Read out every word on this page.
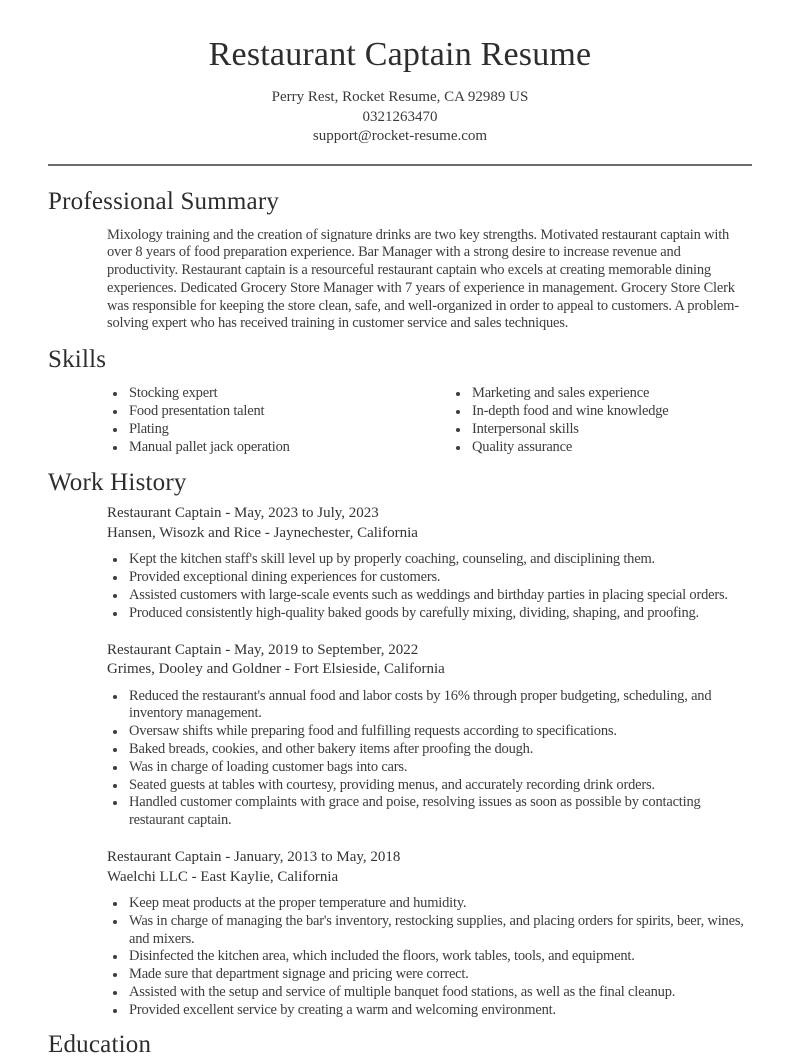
Restaurant Captain Resume

Perry Rest, Rocket Resume, CA 92989 US

0321263470

support@rocket-resume.com

Professional Summary

Mixology training and the creation of signature drinks are two key strengths. Motivated restaurant captain with over 8 years of food preparation experience. Bar Manager with a strong desire to increase revenue and productivity. Restaurant captain is a resourceful restaurant captain who excels at creating memorable dining experiences. Dedicated Grocery Store Manager with 7 years of experience in management. Grocery Store Clerk was responsible for keeping the store clean, safe, and well-organized in order to appeal to customers. A problem-solving expert who has received training in customer service and sales techniques.

Skills
• Stocking expert
• Food presentation talent
• Plating
• Manual pallet jack operation
• Marketing and sales experience
• In-depth food and wine knowledge
• Interpersonal skills
• Quality assurance
Work History

Restaurant Captain - May, 2023 to July, 2023

Hansen, Wisozk and Rice - Jaynechester, California

• Kept the kitchen staff's skill level up by properly coaching, counseling, and disciplining them.
• Provided exceptional dining experiences for customers.
• Assisted customers with large-scale events such as weddings and birthday parties in placing special orders.
• Produced consistently high-quality baked goods by carefully mixing, dividing, shaping, and proofing.

Restaurant Captain - May, 2019 to September, 2022

Grimes, Dooley and Goldner - Fort Elsieside, California

• Reduced the restaurant's annual food and labor costs by 16% through proper budgeting, scheduling, and inventory management.
• Oversaw shifts while preparing food and fulfilling requests according to specifications.
• Baked breads, cookies, and other bakery items after proofing the dough.
• Was in charge of loading customer bags into cars.
• Seated guests at tables with courtesy, providing menus, and accurately recording drink orders.
• Handled customer complaints with grace and poise, resolving issues as soon as possible by contacting restaurant captain.

Restaurant Captain - January, 2013 to May, 2018

Waelchi LLC - East Kaylie, California

• Keep meat products at the proper temperature and humidity.
• Was in charge of managing the bar's inventory, restocking supplies, and placing orders for spirits, beer, wines, and mixers.
• Disinfected the kitchen area, which included the floors, work tables, tools, and equipment.
• Made sure that department signage and pricing were correct.
• Assisted with the setup and service of multiple banquet food stations, as well as the final cleanup.
• Provided excellent service by creating a warm and welcoming environment.
Education
